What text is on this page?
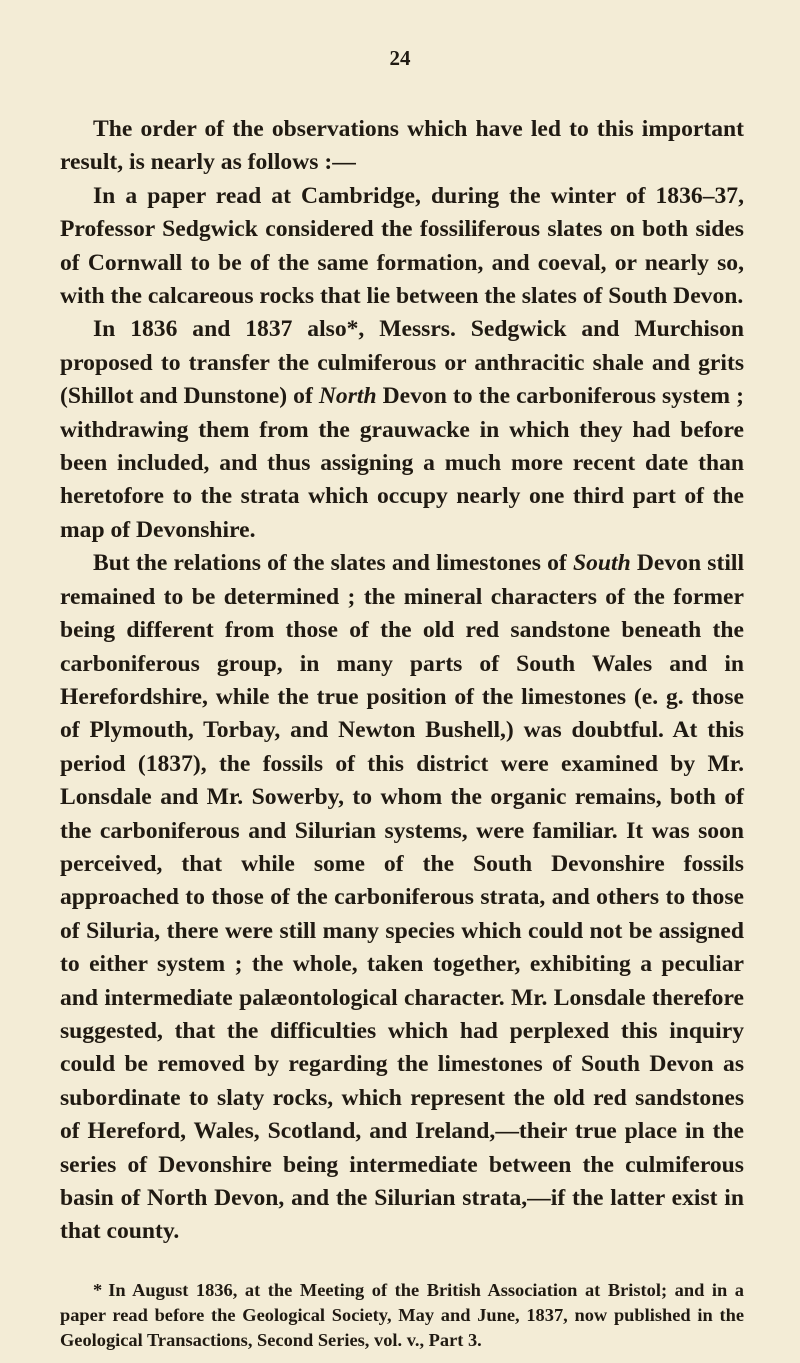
24

The order of the observations which have led to this important result, is nearly as follows :—

In a paper read at Cambridge, during the winter of 1836–37, Professor Sedgwick considered the fossiliferous slates on both sides of Cornwall to be of the same formation, and coeval, or nearly so, with the calcareous rocks that lie between the slates of South Devon.

In 1836 and 1837 also*, Messrs. Sedgwick and Murchison proposed to transfer the culmiferous or anthracitic shale and grits (Shillot and Dunstone) of North Devon to the carboniferous system ; withdrawing them from the grauwacke in which they had before been included, and thus assigning a much more recent date than heretofore to the strata which occupy nearly one third part of the map of Devonshire.

But the relations of the slates and limestones of South Devon still remained to be determined ; the mineral characters of the former being different from those of the old red sandstone beneath the carboniferous group, in many parts of South Wales and in Herefordshire, while the true position of the limestones (e. g. those of Plymouth, Torbay, and Newton Bushell,) was doubtful. At this period (1837), the fossils of this district were examined by Mr. Lonsdale and Mr. Sowerby, to whom the organic remains, both of the carboniferous and Silurian systems, were familiar. It was soon perceived, that while some of the South Devonshire fossils approached to those of the carboniferous strata, and others to those of Siluria, there were still many species which could not be assigned to either system ; the whole, taken together, exhibiting a peculiar and intermediate palæontological character. Mr. Lonsdale therefore suggested, that the difficulties which had perplexed this inquiry could be removed by regarding the limestones of South Devon as subordinate to slaty rocks, which represent the old red sandstones of Hereford, Wales, Scotland, and Ireland,—their true place in the series of Devonshire being intermediate between the culmiferous basin of North Devon, and the Silurian strata,—if the latter exist in that county.

* In August 1836, at the Meeting of the British Association at Bristol; and in a paper read before the Geological Society, May and June, 1837, now published in the Geological Transactions, Second Series, vol. v., Part 3.
